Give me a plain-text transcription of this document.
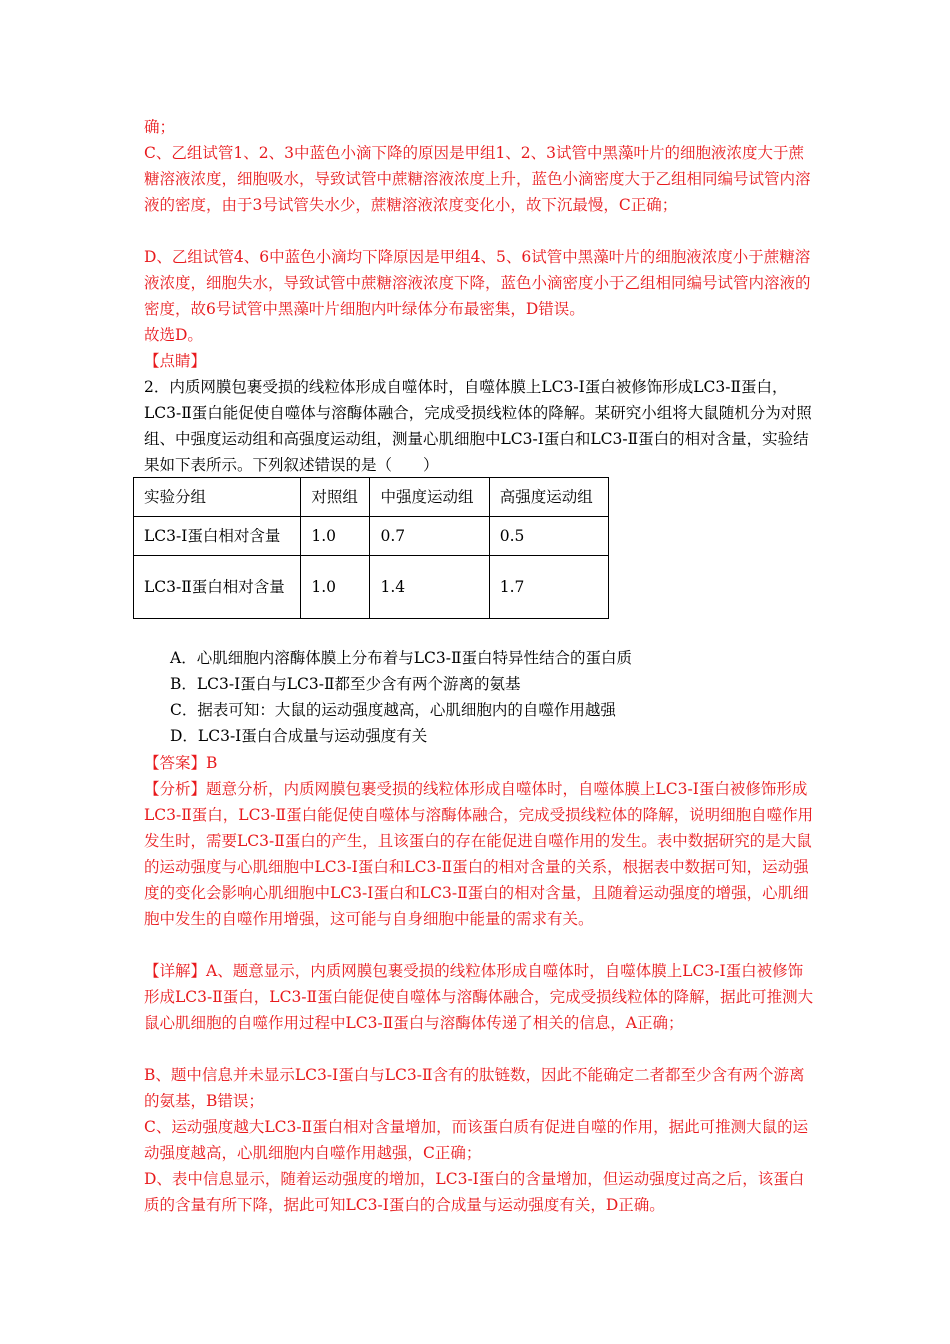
确；

C、乙组试管1、2、3中蓝色小滴下降的原因是甲组1、2、3试管中黑藻叶片的细胞液浓度大于蔗糖溶液浓度，细胞吸水，导致试管中蔗糖溶液浓度上升，蓝色小滴密度大于乙组相同编号试管内溶液的密度，由于3号试管失水少，蔗糖溶液浓度变化小，故下沉最慢，C正确；

D、乙组试管4、6中蓝色小滴均下降原因是甲组4、5、6试管中黑藻叶片的细胞液浓度小于蔗糖溶液浓度，细胞失水，导致试管中蔗糖溶液浓度下降，蓝色小滴密度小于乙组相同编号试管内溶液的密度，故6号试管中黑藻叶片细胞内叶绿体分布最密集，D错误。

故选D。

【点睛】

2．内质网膜包裹受损的线粒体形成自噬体时，自噬体膜上LC3-I蛋白被修饰形成LC3-Ⅱ蛋白，LC3-Ⅱ蛋白能促使自噬体与溶酶体融合，完成受损线粒体的降解。某研究小组将大鼠随机分为对照组、中强度运动组和高强度运动组，测量心肌细胞中LC3-I蛋白和LC3-Ⅱ蛋白的相对含量，实验结果如下表所示。下列叙述错误的是（　　）

实验分组	对照组	中强度运动组	高强度运动组
LC3-I蛋白相对含量	1.0	0.7	0.5
LC3-Ⅱ蛋白相对含量	1.0	1.4	1.7
A．心肌细胞内溶酶体膜上分布着与LC3-Ⅱ蛋白特异性结合的蛋白质
B．LC3-I蛋白与LC3-Ⅱ都至少含有两个游离的氨基
C．据表可知：大鼠的运动强度越高，心肌细胞内的自噬作用越强
D．LC3-I蛋白合成量与运动强度有关

【答案】B

【分析】题意分析，内质网膜包裹受损的线粒体形成自噬体时，自噬体膜上LC3-I蛋白被修饰形成LC3-Ⅱ蛋白，LC3-Ⅱ蛋白能促使自噬体与溶酶体融合，完成受损线粒体的降解，说明细胞自噬作用发生时，需要LC3-Ⅱ蛋白的产生，且该蛋白的存在能促进自噬作用的发生。表中数据研究的是大鼠的运动强度与心肌细胞中LC3-I蛋白和LC3-Ⅱ蛋白的相对含量的关系，根据表中数据可知，运动强度的变化会影响心肌细胞中LC3-I蛋白和LC3-Ⅱ蛋白的相对含量，且随着运动强度的增强，心肌细胞中发生的自噬作用增强，这可能与自身细胞中能量的需求有关。

【详解】A、题意显示，内质网膜包裹受损的线粒体形成自噬体时，自噬体膜上LC3-I蛋白被修饰形成LC3-Ⅱ蛋白，LC3-Ⅱ蛋白能促使自噬体与溶酶体融合，完成受损线粒体的降解，据此可推测大鼠心肌细胞的自噬作用过程中LC3-Ⅱ蛋白与溶酶体传递了相关的信息，A正确；

B、题中信息并未显示LC3-I蛋白与LC3-Ⅱ含有的肽链数，因此不能确定二者都至少含有两个游离的氨基，B错误；

C、运动强度越大LC3-Ⅱ蛋白相对含量增加，而该蛋白质有促进自噬的作用，据此可推测大鼠的运动强度越高，心肌细胞内自噬作用越强，C正确；

D、表中信息显示，随着运动强度的增加，LC3-I蛋白的含量增加，但运动强度过高之后，该蛋白质的含量有所下降，据此可知LC3-I蛋白的合成量与运动强度有关，D正确。
